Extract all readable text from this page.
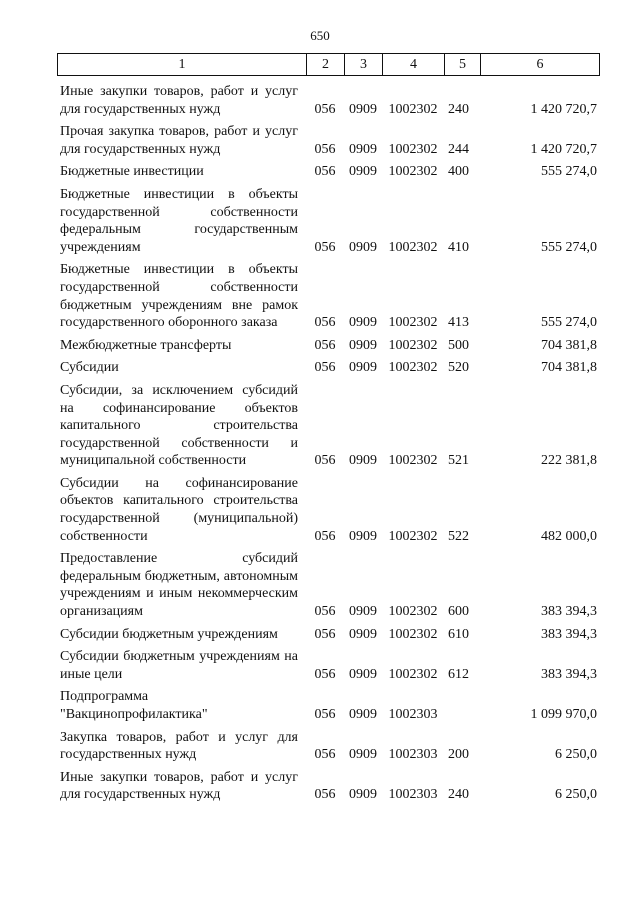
650
1	2	3	4	5	6
Иные закупки товаров, работ и услуг для государственных нужд	056	0909	1002302	240	1 420 720,7
Прочая закупка товаров, работ и услуг для государственных нужд	056	0909	1002302	244	1 420 720,7
Бюджетные инвестиции	056	0909	1002302	400	555 274,0
Бюджетные инвестиции в объекты государственной собственности федеральным государственным учреждениям	056	0909	1002302	410	555 274,0
Бюджетные инвестиции в объекты государственной собственности бюджетным учреждениям вне рамок государственного оборонного заказа	056	0909	1002302	413	555 274,0
Межбюджетные трансферты	056	0909	1002302	500	704 381,8
Субсидии	056	0909	1002302	520	704 381,8
Субсидии, за исключением субсидий на софинансирование объектов капитального строительства государственной собственности и муниципальной собственности	056	0909	1002302	521	222 381,8
Субсидии на софинансирование объектов капитального строительства государственной (муниципальной) собственности	056	0909	1002302	522	482 000,0
Предоставление субсидий федеральным бюджетным, автономным учреждениям и иным некоммерческим организациям	056	0909	1002302	600	383 394,3
Субсидии бюджетным учреждениям	056	0909	1002302	610	383 394,3
Субсидии бюджетным учреждениям на иные цели	056	0909	1002302	612	383 394,3
Подпрограмма "Вакцинопрофилактика"	056	0909	1002303		1 099 970,0
Закупка товаров, работ и услуг для государственных нужд	056	0909	1002303	200	6 250,0
Иные закупки товаров, работ и услуг для государственных нужд	056	0909	1002303	240	6 250,0
